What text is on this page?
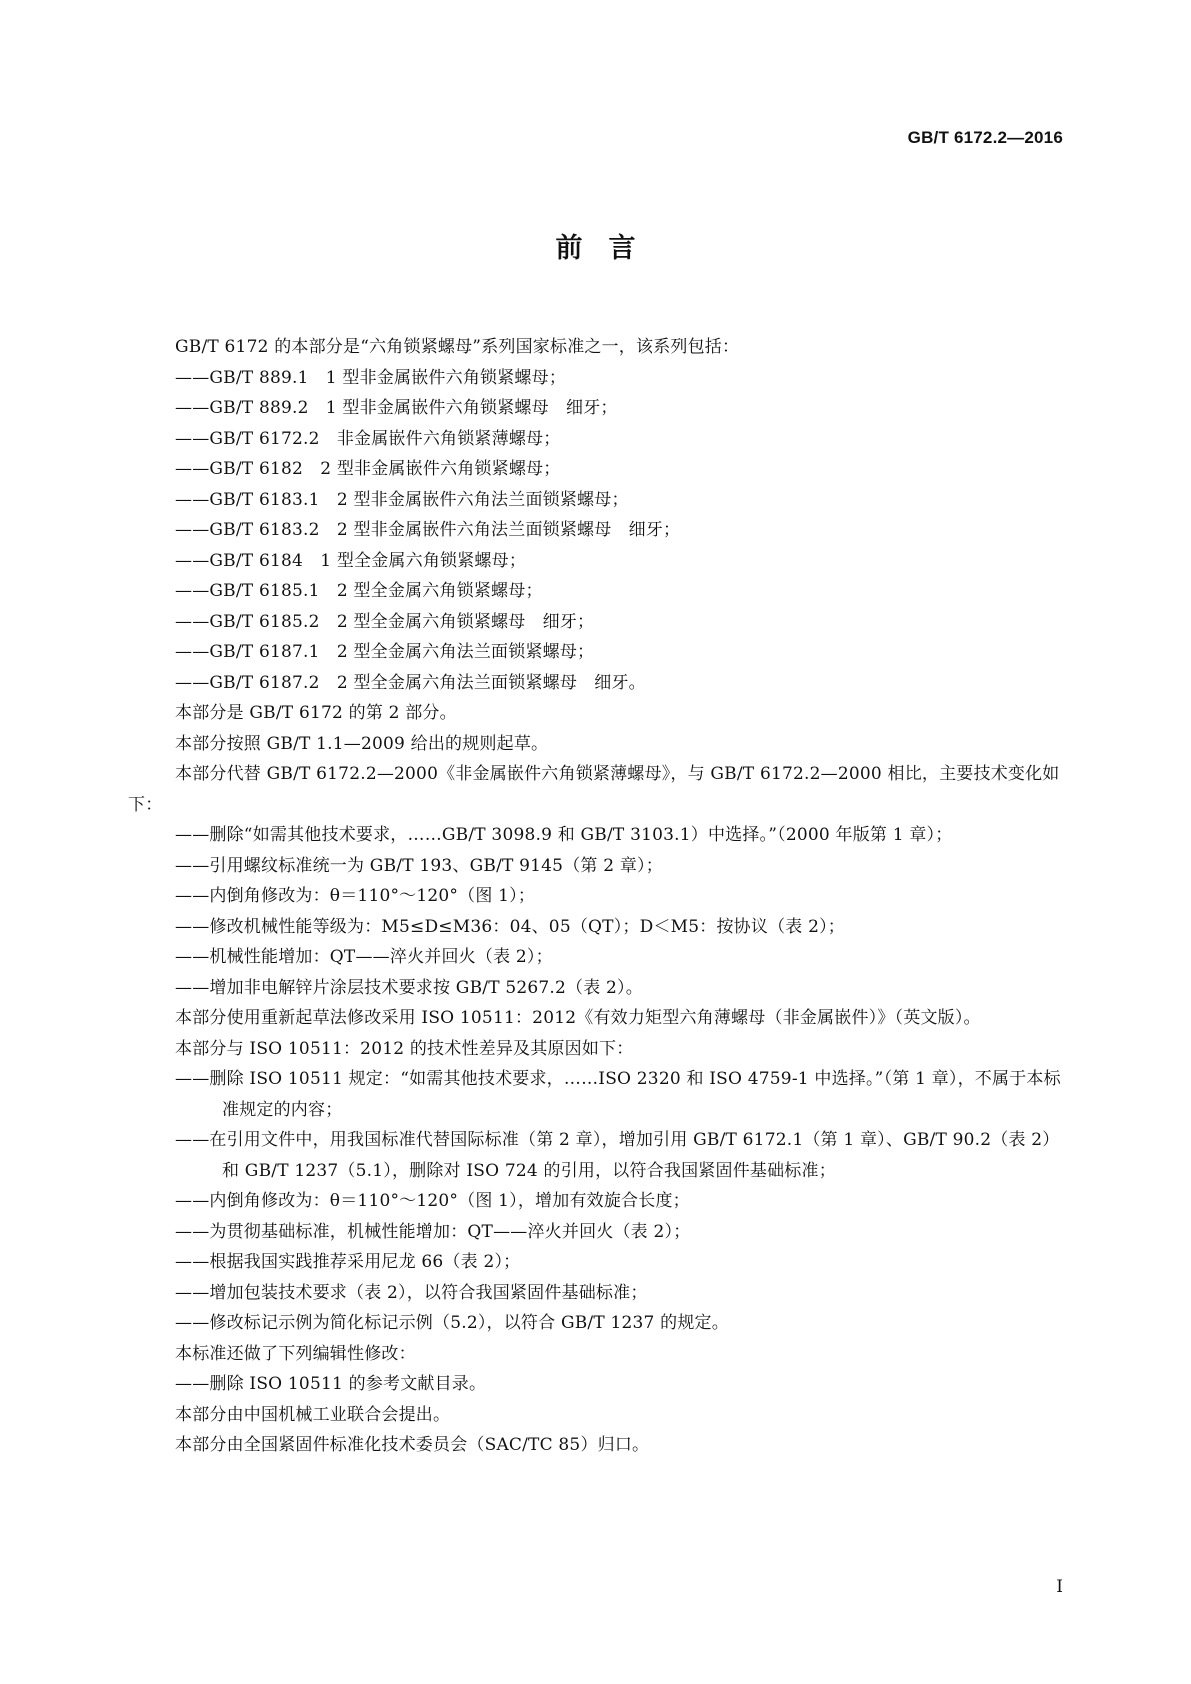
GB/T 6172.2—2016
前言
GB/T 6172 的本部分是“六角锁紧螺母”系列国家标准之一，该系列包括：
——GB/T 889.1　1 型非金属嵌件六角锁紧螺母；
——GB/T 889.2　1 型非金属嵌件六角锁紧螺母　细牙；
——GB/T 6172.2　非金属嵌件六角锁紧薄螺母；
——GB/T 6182　2 型非金属嵌件六角锁紧螺母；
——GB/T 6183.1　2 型非金属嵌件六角法兰面锁紧螺母；
——GB/T 6183.2　2 型非金属嵌件六角法兰面锁紧螺母　细牙；
——GB/T 6184　1 型全金属六角锁紧螺母；
——GB/T 6185.1　2 型全金属六角锁紧螺母；
——GB/T 6185.2　2 型全金属六角锁紧螺母　细牙；
——GB/T 6187.1　2 型全金属六角法兰面锁紧螺母；
——GB/T 6187.2　2 型全金属六角法兰面锁紧螺母　细牙。
本部分是 GB/T 6172 的第 2 部分。
本部分按照 GB/T 1.1—2009 给出的规则起草。
本部分代替 GB/T 6172.2—2000《非金属嵌件六角锁紧薄螺母》，与 GB/T 6172.2—2000 相比，主要技术变化如下：
——删除“如需其他技术要求，……GB/T 3098.9 和 GB/T 3103.1）中选择。”（2000 年版第 1 章）；
——引用螺纹标准统一为 GB/T 193、GB/T 9145（第 2 章）；
——内倒角修改为：θ＝110°～120°（图 1）；
——修改机械性能等级为：M5≤D≤M36：04、05（QT）；D＜M5：按协议（表 2）；
——机械性能增加：QT——淬火并回火（表 2）；
——增加非电解锌片涂层技术要求按 GB/T 5267.2（表 2）。
本部分使用重新起草法修改采用 ISO 10511：2012《有效力矩型六角薄螺母（非金属嵌件）》（英文版）。
本部分与 ISO 10511：2012 的技术性差异及其原因如下：
——删除 ISO 10511 规定：“如需其他技术要求，……ISO 2320 和 ISO 4759-1 中选择。”（第 1 章），不属于本标准规定的内容；
——在引用文件中，用我国标准代替国际标准（第 2 章），增加引用 GB/T 6172.1（第 1 章）、GB/T 90.2（表 2）和 GB/T 1237（5.1），删除对 ISO 724 的引用，以符合我国紧固件基础标准；
——内倒角修改为：θ＝110°～120°（图 1），增加有效旋合长度；
——为贯彻基础标准，机械性能增加：QT——淬火并回火（表 2）；
——根据我国实践推荐采用尼龙 66（表 2）；
——增加包装技术要求（表 2），以符合我国紧固件基础标准；
——修改标记示例为简化标记示例（5.2），以符合 GB/T 1237 的规定。
本标准还做了下列编辑性修改：
——删除 ISO 10511 的参考文献目录。
本部分由中国机械工业联合会提出。
本部分由全国紧固件标准化技术委员会（SAC/TC 85）归口。
Ⅰ
